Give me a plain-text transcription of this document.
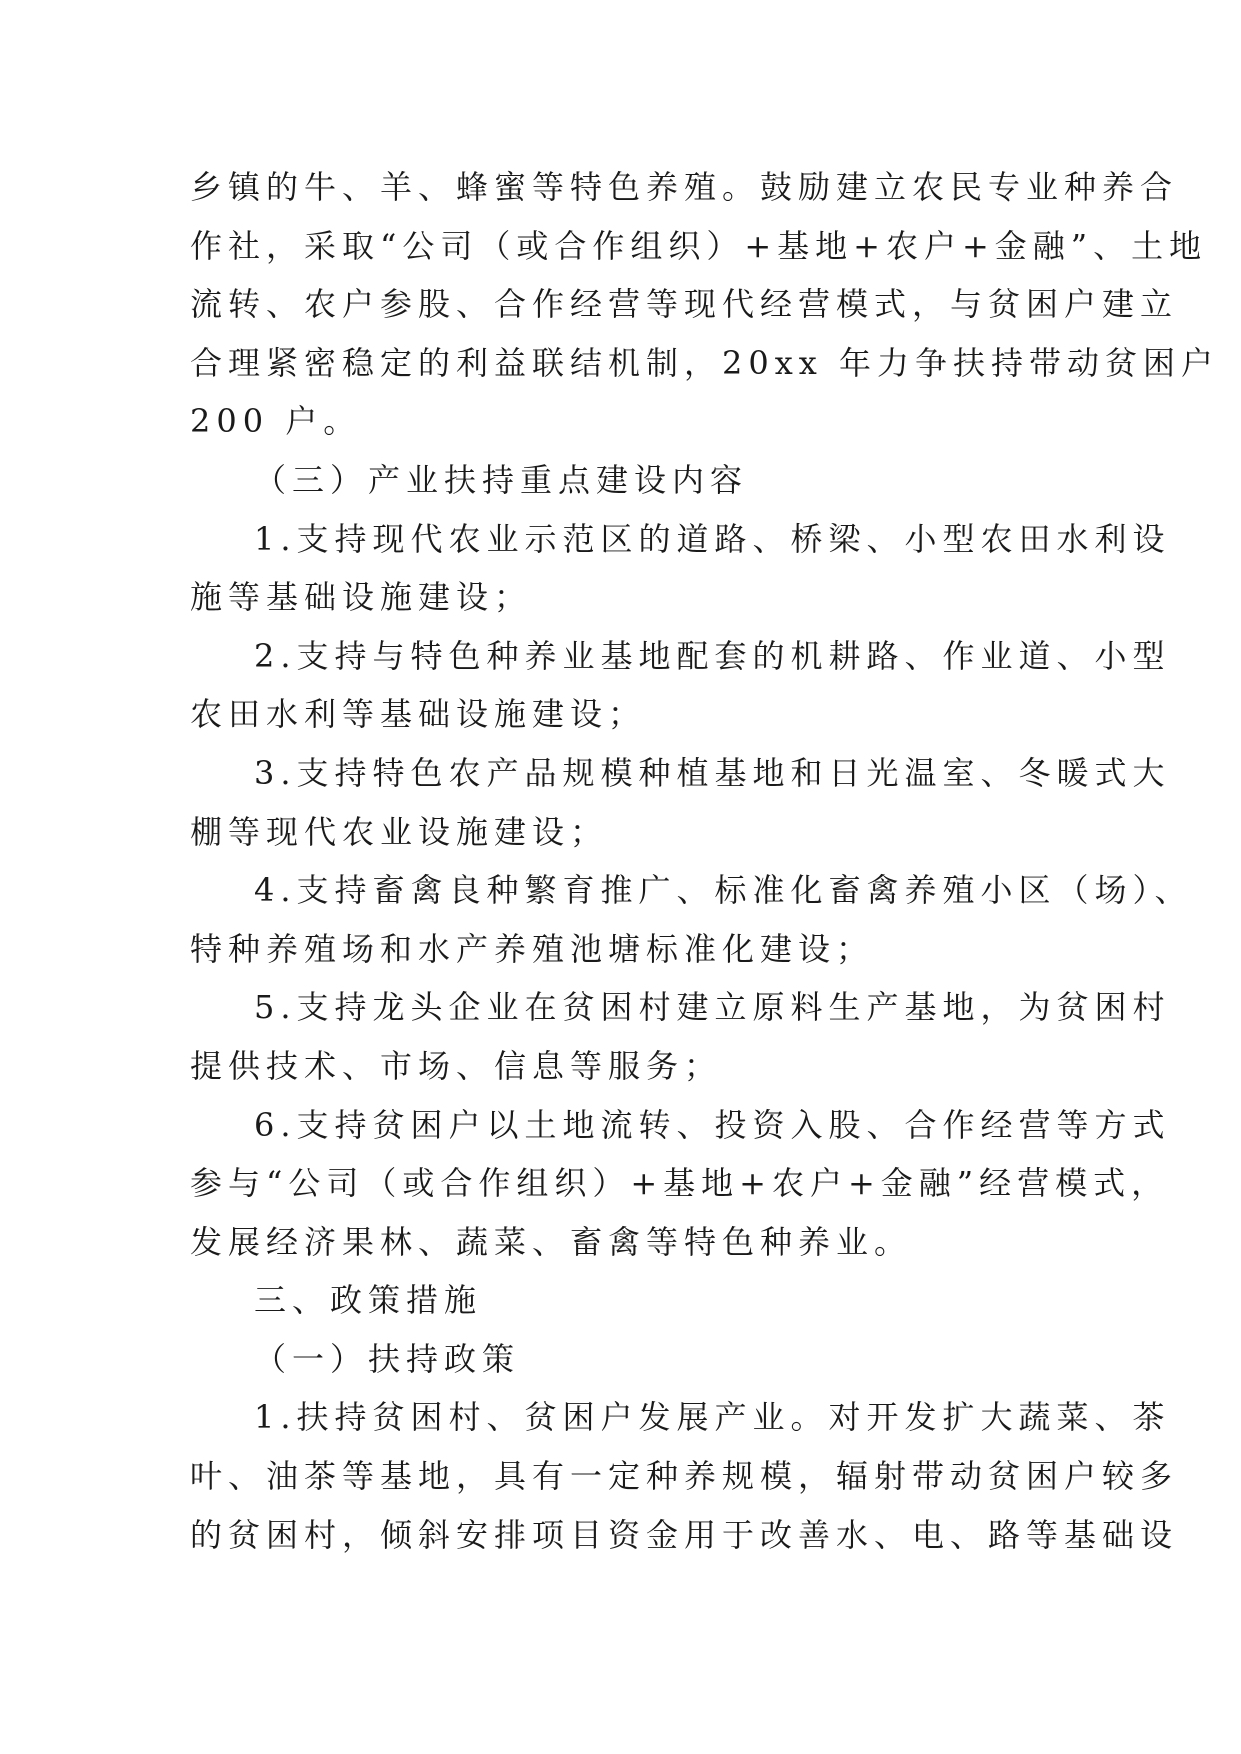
乡镇的牛、羊、蜂蜜等特色养殖。鼓励建立农民专业种养合
作社，采取“公司（或合作组织）+基地+农户+金融”、土地
流转、农户参股、合作经营等现代经营模式，与贫困户建立
合理紧密稳定的利益联结机制，20xx 年力争扶持带动贫困户
200 户。
（三）产业扶持重点建设内容
1.支持现代农业示范区的道路、桥梁、小型农田水利设
施等基础设施建设；
2.支持与特色种养业基地配套的机耕路、作业道、小型
农田水利等基础设施建设；
3.支持特色农产品规模种植基地和日光温室、冬暖式大
棚等现代农业设施建设；
4.支持畜禽良种繁育推广、标准化畜禽养殖小区（场）、
特种养殖场和水产养殖池塘标准化建设；
5.支持龙头企业在贫困村建立原料生产基地，为贫困村
提供技术、市场、信息等服务；
6.支持贫困户以土地流转、投资入股、合作经营等方式
参与“公司（或合作组织）+基地+农户+金融”经营模式，
发展经济果林、蔬菜、畜禽等特色种养业。
三、政策措施
（一）扶持政策
1.扶持贫困村、贫困户发展产业。对开发扩大蔬菜、茶
叶、油茶等基地，具有一定种养规模，辐射带动贫困户较多
的贫困村，倾斜安排项目资金用于改善水、电、路等基础设
